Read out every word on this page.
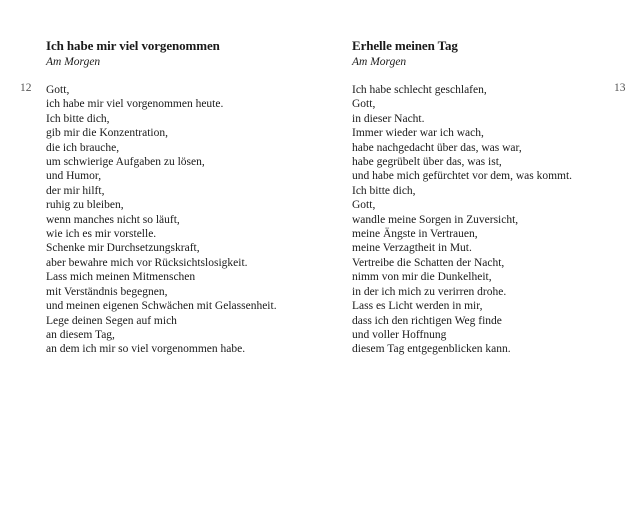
12	13
Ich habe mir viel vorgenommen
Am Morgen
Gott,
ich habe mir viel vorgenommen heute.
Ich bitte dich,
gib mir die Konzentration,
die ich brauche,
um schwierige Aufgaben zu lösen,
und Humor,
der mir hilft,
ruhig zu bleiben,
wenn manches nicht so läuft,
wie ich es mir vorstelle.
Schenke mir Durchsetzungskraft,
aber bewahre mich vor Rücksichtslosigkeit.
Lass mich meinen Mitmenschen
mit Verständnis begegnen,
und meinen eigenen Schwächen mit Gelassenheit.
Lege deinen Segen auf mich
an diesem Tag,
an dem ich mir so viel vorgenommen habe.
Erhelle meinen Tag
Am Morgen
Ich habe schlecht geschlafen,
Gott,
in dieser Nacht.
Immer wieder war ich wach,
habe nachgedacht über das, was war,
habe gegrübelt über das, was ist,
und habe mich gefürchtet vor dem, was kommt.
Ich bitte dich,
Gott,
wandle meine Sorgen in Zuversicht,
meine Ängste in Vertrauen,
meine Verzagtheit in Mut.
Vertreibe die Schatten der Nacht,
nimm von mir die Dunkelheit,
in der ich mich zu verirren drohe.
Lass es Licht werden in mir,
dass ich den richtigen Weg finde
und voller Hoffnung
diesem Tag entgegenblicken kann.
